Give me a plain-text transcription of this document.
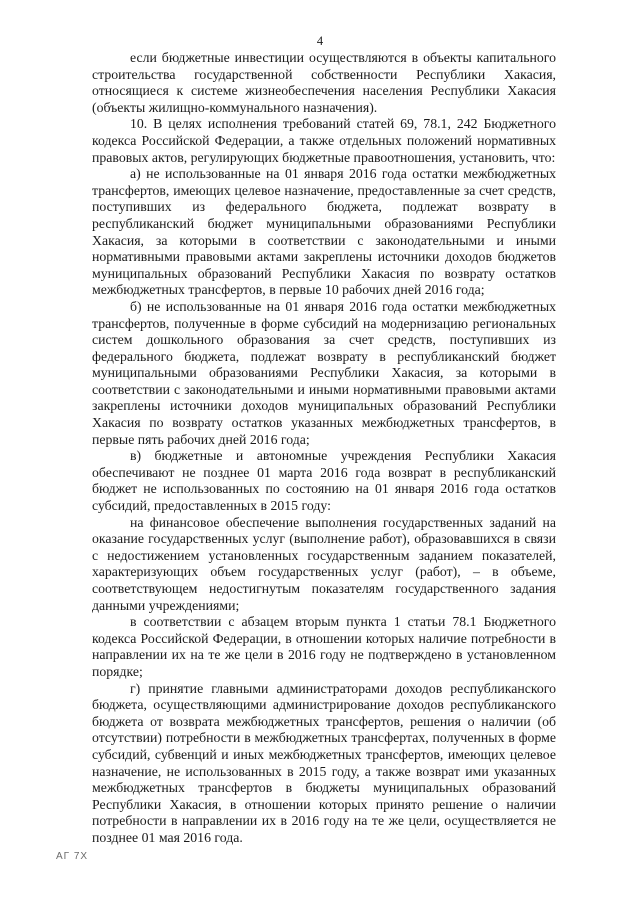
4

если бюджетные инвестиции осуществляются в объекты капитального строительства государственной собственности Республики Хакасия, относящиеся к системе жизнеобеспечения населения Республики Хакасия (объекты жилищно-коммунального назначения).

10. В целях исполнения требований статей 69, 78.1, 242 Бюджетного кодекса Российской Федерации, а также отдельных положений нормативных правовых актов, регулирующих бюджетные правоотношения, установить, что:

а) не использованные на 01 января 2016 года остатки межбюджетных трансфертов, имеющих целевое назначение, предоставленные за счет средств, поступивших из федерального бюджета, подлежат возврату в республиканский бюджет муниципальными образованиями Республики Хакасия, за которыми в соответствии с законодательными и иными нормативными правовыми актами закреплены источники доходов бюджетов муниципальных образований Республики Хакасия по возврату остатков межбюджетных трансфертов, в первые 10 рабочих дней 2016 года;

б) не использованные на 01 января 2016 года остатки межбюджетных трансфертов, полученные в форме субсидий на модернизацию региональных систем дошкольного образования за счет средств, поступивших из федерального бюджета, подлежат возврату в республиканский бюджет муниципальными образованиями Республики Хакасия, за которыми в соответствии с законодательными и иными нормативными правовыми актами закреплены источники доходов муниципальных образований Республики Хакасия по возврату остатков указанных межбюджетных трансфертов, в первые пять рабочих дней 2016 года;

в) бюджетные и автономные учреждения Республики Хакасия обеспечивают не позднее 01 марта 2016 года возврат в республиканский бюджет не использованных по состоянию на 01 января 2016 года остатков субсидий, предоставленных в 2015 году:

на финансовое обеспечение выполнения государственных заданий на оказание государственных услуг (выполнение работ), образовавшихся в связи с недостижением установленных государственным заданием показателей, характеризующих объем государственных услуг (работ), – в объеме, соответствующем недостигнутым показателям государственного задания данными учреждениями;

в соответствии с абзацем вторым пункта 1 статьи 78.1 Бюджетного кодекса Российской Федерации, в отношении которых наличие потребности в направлении их на те же цели в 2016 году не подтверждено в установленном порядке;

г) принятие главными администраторами доходов республиканского бюджета, осуществляющими администрирование доходов республиканского бюджета от возврата межбюджетных трансфертов, решения о наличии (об отсутствии) потребности в межбюджетных трансфертах, полученных в форме субсидий, субвенций и иных межбюджетных трансфертов, имеющих целевое назначение, не использованных в 2015 году, а также возврат ими указанных межбюджетных трансфертов в бюджеты муниципальных образований Республики Хакасия, в отношении которых принято решение о наличии потребности в направлении их в 2016 году на те же цели, осуществляется не позднее 01 мая 2016 года.

АГ 7Х
